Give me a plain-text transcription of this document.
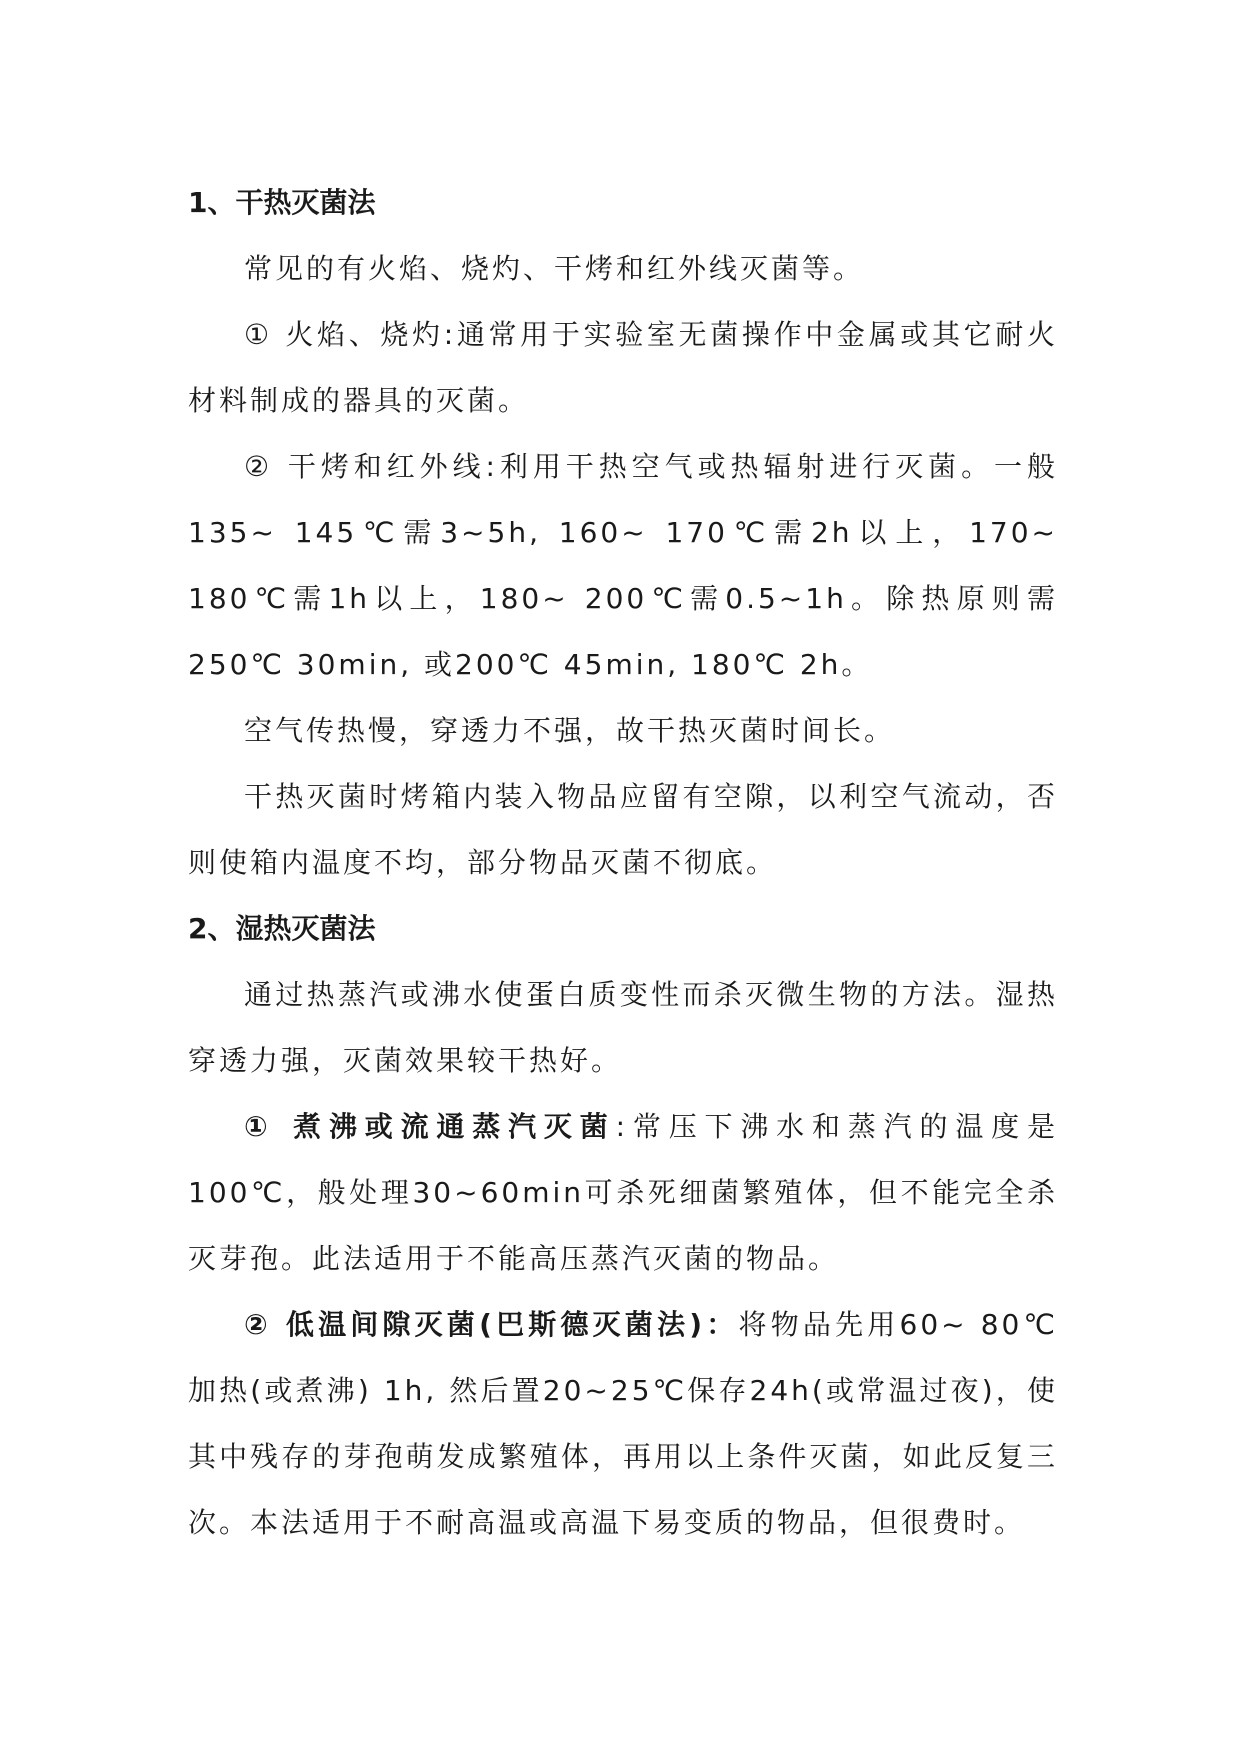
1、干热灭菌法

常见的有火焰、烧灼、干烤和红外线灭菌等。

① 火焰、烧灼:通常用于实验室无菌操作中金属或其它耐火材料制成的器具的灭菌。

② 干烤和红外线:利用干热空气或热辐射进行灭菌。一般135~ 145℃需3~5h, 160~ 170℃需2h以上，170~ 180℃需1h以上，180~ 200℃需0.5~1h。除热原则需250℃ 30min, 或200℃ 45min, 180℃ 2h。

空气传热慢，穿透力不强，故干热灭菌时间长。

干热灭菌时烤箱内装入物品应留有空隙，以利空气流动，否则使箱内温度不均，部分物品灭菌不彻底。

2、湿热灭菌法

通过热蒸汽或沸水使蛋白质变性而杀灭微生物的方法。湿热穿透力强，灭菌效果较干热好。

① 煮沸或流通蒸汽灭菌:常压下沸水和蒸汽的温度是100℃，般处理30~60min可杀死细菌繁殖体，但不能完全杀灭芽孢。此法适用于不能高压蒸汽灭菌的物品。

② 低温间隙灭菌(巴斯德灭菌法)：将物品先用60~ 80℃加热(或煮沸) 1h, 然后置20~25℃保存24h(或常温过夜)，使其中残存的芽孢萌发成繁殖体，再用以上条件灭菌，如此反复三次。本法适用于不耐高温或高温下易变质的物品，但很费时。
